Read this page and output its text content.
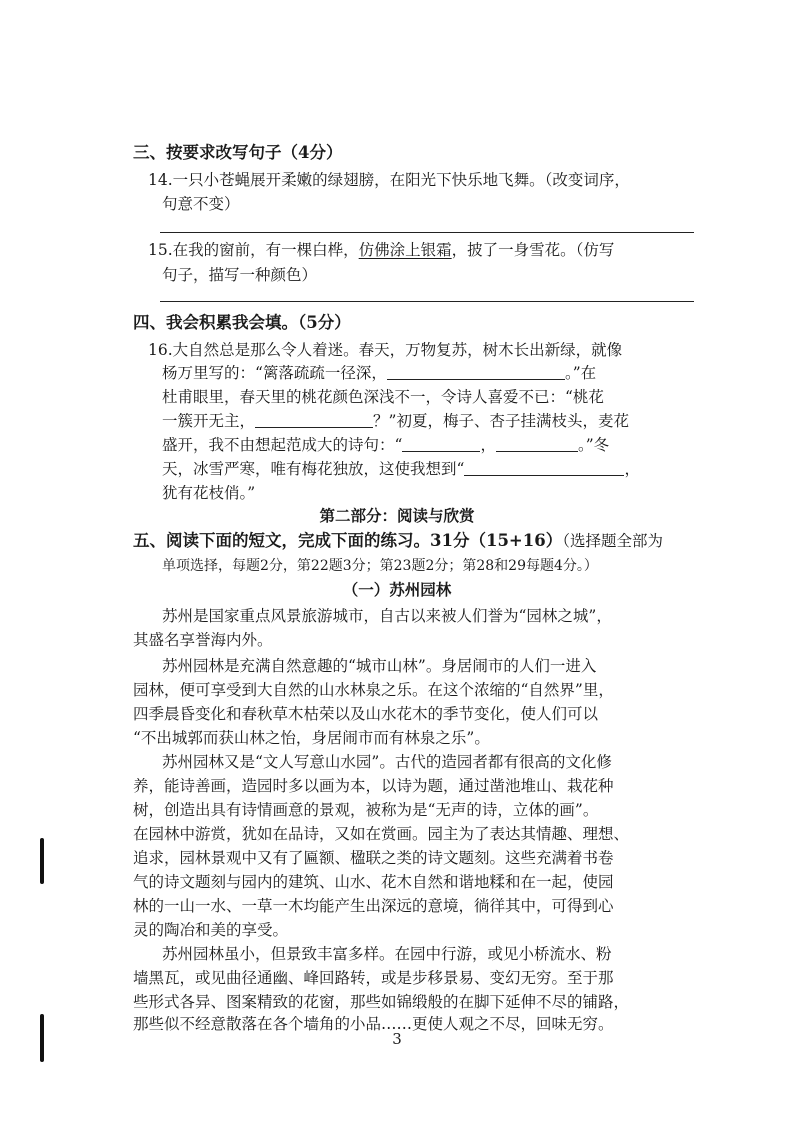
三、按要求改写句子（4分）
14.一只小苍蝇展开柔嫩的绿翅膀，在阳光下快乐地飞舞。（改变词序，
句意不变）
15.在我的窗前，有一棵白桦，仿佛涂上银霜，披了一身雪花。（仿写
句子，描写一种颜色）
四、我会积累我会填。（5分）
16.大自然总是那么令人着迷。春天，万物复苏，树木长出新绿，就像
杨万里写的：“篱落疏疏一径深，	。”在
杜甫眼里，春天里的桃花颜色深浅不一，令诗人喜爱不已：“桃花
一簇开无主，	？”初夏，梅子、杏子挂满枝头，麦花
盛开，我不由想起范成大的诗句：“	，	。”冬
天，冰雪严寒，唯有梅花独放，这使我想到“	，
犹有花枝俏。”
第二部分：阅读与欣赏
五、阅读下面的短文，完成下面的练习。31分（15+16）（选择题全部为
单项选择，每题2分，第22题3分；第23题2分；第28和29每题4分。）
（一）苏州园林
苏州是国家重点风景旅游城市，自古以来被人们誉为“园林之城”，
其盛名享誉海内外。
苏州园林是充满自然意趣的“城市山林”。身居闹市的人们一进入
园林，便可享受到大自然的山水林泉之乐。在这个浓缩的“自然界”里，
四季晨昏变化和春秋草木枯荣以及山水花木的季节变化，使人们可以
“不出城郭而获山林之怡，身居闹市而有林泉之乐”。
苏州园林又是“文人写意山水园”。古代的造园者都有很高的文化修
养，能诗善画，造园时多以画为本，以诗为题，通过凿池堆山、栽花种
树，创造出具有诗情画意的景观，被称为是“无声的诗，立体的画”。
在园林中游赏，犹如在品诗，又如在赏画。园主为了表达其情趣、理想、
追求，园林景观中又有了匾额、楹联之类的诗文题刻。这些充满着书卷
气的诗文题刻与园内的建筑、山水、花木自然和谐地糅和在一起，使园
林的一山一水、一草一木均能产生出深远的意境，徜徉其中，可得到心
灵的陶冶和美的享受。
苏州园林虽小，但景致丰富多样。在园中行游，或见小桥流水、粉
墙黑瓦，或见曲径通幽、峰回路转，或是步移景易、变幻无穷。至于那
些形式各异、图案精致的花窗，那些如锦缎般的在脚下延伸不尽的铺路，
那些似不经意散落在各个墙角的小品……更使人观之不尽，回味无穷。
3
